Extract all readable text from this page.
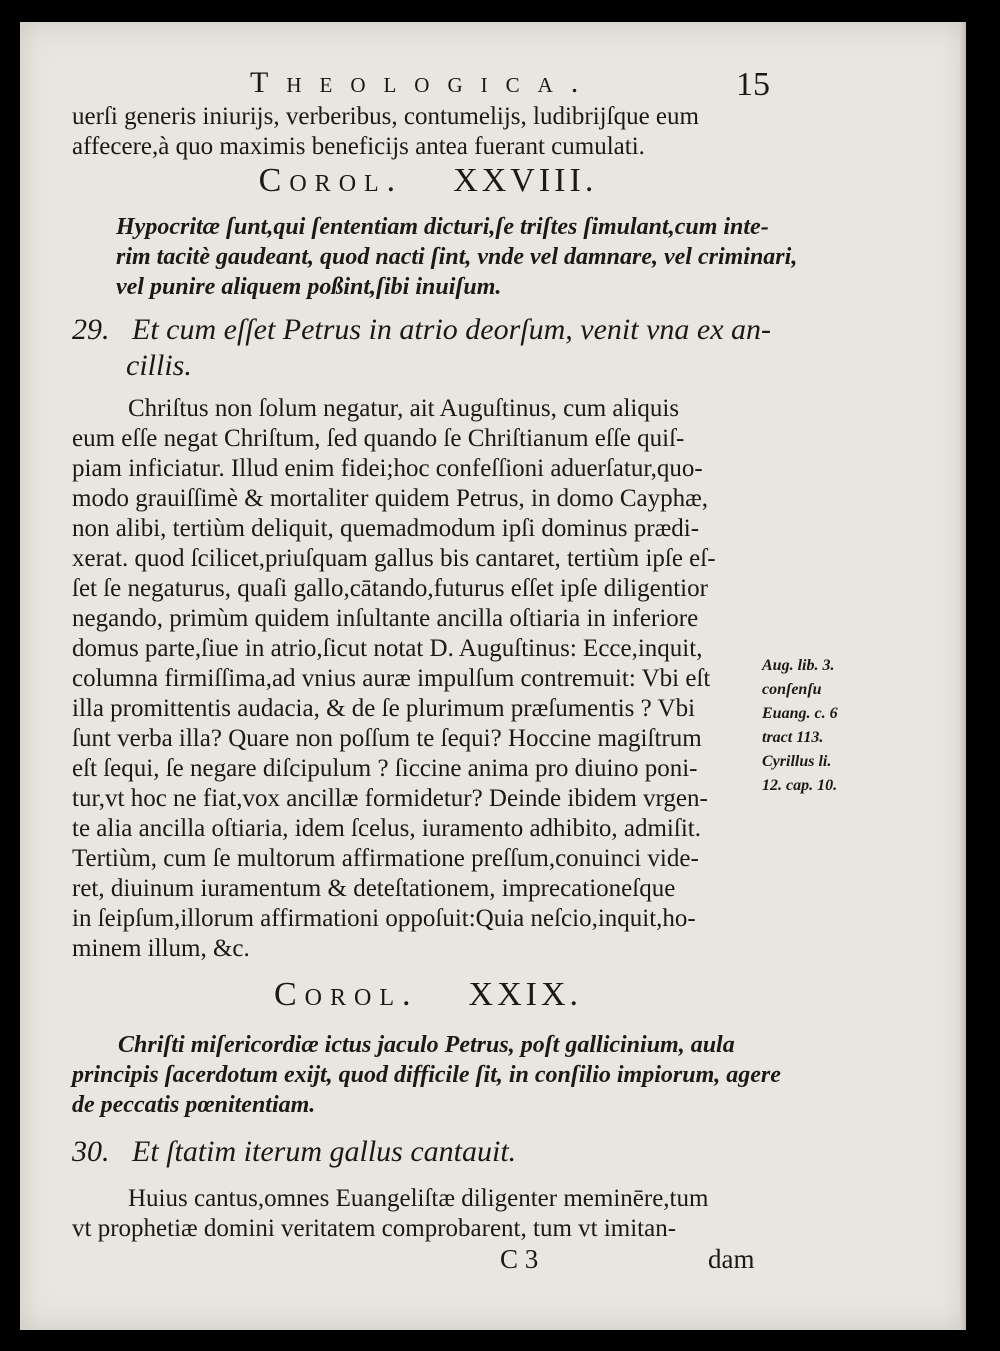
Theologica.	15
uerſi generis iniurijs, verberibus, contumelijs, ludibrijſque eum
affecere,à quo maximis beneficijs antea fuerant cumulati.
Corol. XXVIII.
Hypocritæ ſunt,qui ſententiam dicturi,ſe triſtes ſimulant,cum inte-
rim tacitè gaudeant, quod nacti ſint, vnde vel damnare, vel criminari,
vel punire aliquem poßint,ſibi inuiſum.
29. Et cum eſſet Petrus in atrio deorſum, venit vna ex an-
cillis.
Chriſtus non ſolum negatur, ait Auguſtinus, cum aliquis
eum eſſe negat Chriſtum, ſed quando ſe Chriſtianum eſſe quiſ-
piam inficiatur. Illud enim fidei;hoc confeſſioni aduerſatur,quo-
modo grauiſſimè & mortaliter quidem Petrus, in domo Cayphæ,
non alibi, tertiùm deliquit, quemadmodum ipſi dominus prædi-
xerat. quod ſcilicet,priuſquam gallus bis cantaret, tertiùm ipſe eſ-
ſet ſe negaturus, quaſi gallo,cātando,futurus eſſet ipſe diligentior
negando, primùm quidem inſultante ancilla oſtiaria in inferiore
domus parte,ſiue in atrio,ſicut notat D. Auguſtinus: Ecce,inquit,
columna firmiſſima,ad vnius auræ impulſum contremuit: Vbi eſt
illa promittentis audacia, & de ſe plurimum præſumentis ? Vbi
ſunt verba illa? Quare non poſſum te ſequi? Hoccine magiſtrum
eſt ſequi, ſe negare diſcipulum ? ſiccine anima pro diuino poni-
tur,vt hoc ne fiat,vox ancillæ formidetur? Deinde ibidem vrgen-
te alia ancilla oſtiaria, idem ſcelus, iuramento adhibito, admiſit.
Tertiùm, cum ſe multorum affirmatione preſſum,conuinci vide-
ret, diuinum iuramentum & deteſtationem, imprecationeſque
in ſeipſum,illorum affirmationi oppoſuit:Quia neſcio,inquit,ho-
minem illum, &c.
Aug. lib. 3.
conſenſu
Euang. c. 6
tract 113.
Cyrillus li.
12. cap. 10.
Corol. XXIX.
Chriſti miſericordiæ ictus jaculo Petrus, poſt gallicinium, aula
principis ſacerdotum exijt, quod difficile ſit, in conſilio impiorum, agere
de peccatis pœnitentiam.
30. Et ſtatim iterum gallus cantauit.
Huius cantus,omnes Euangeliſtæ diligenter meminēre,tum
vt prophetiæ domini veritatem comprobarent, tum vt imitan-
C 3	dam
